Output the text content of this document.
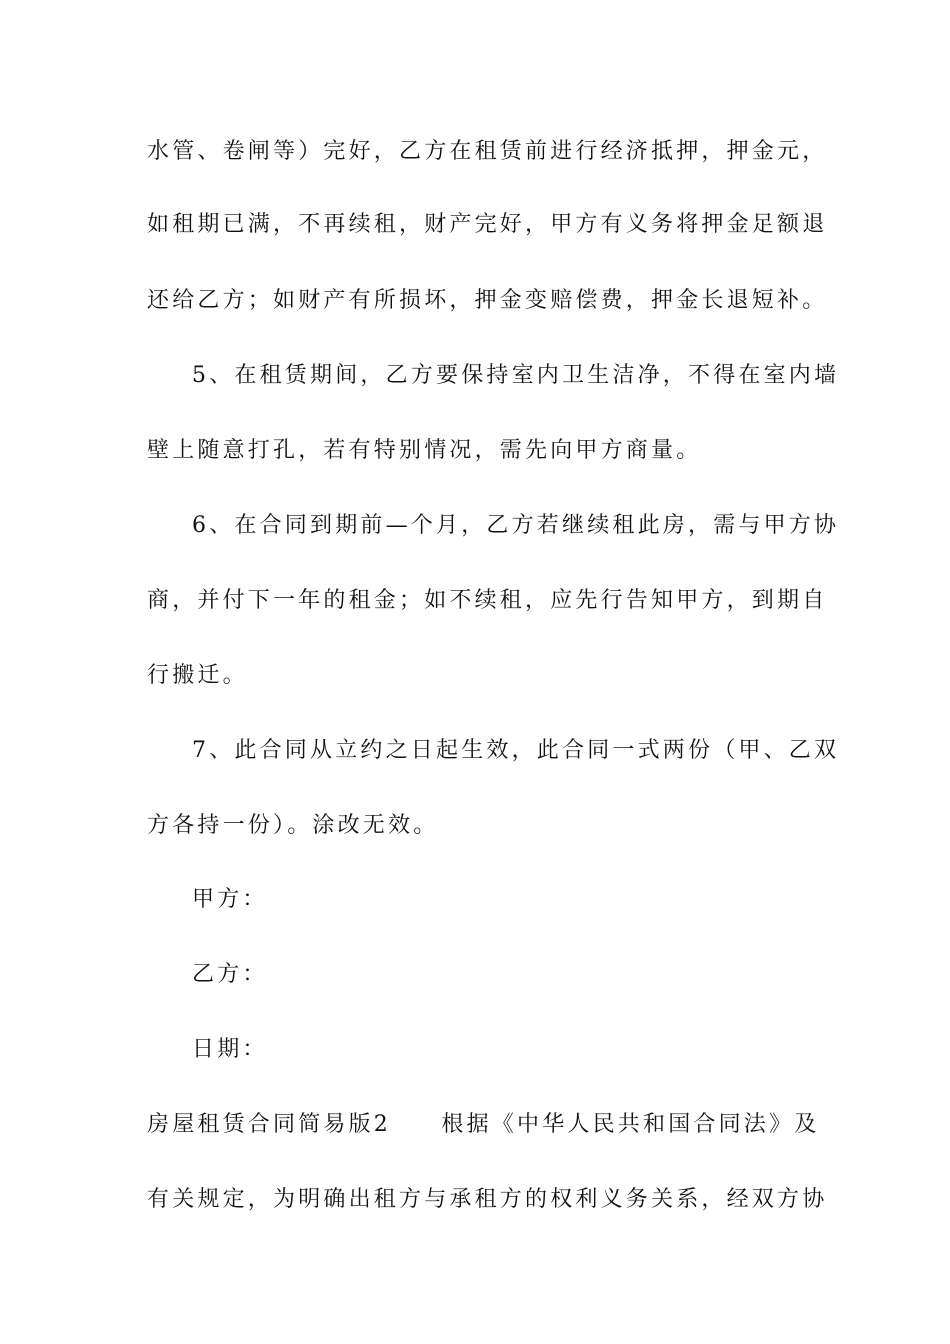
水管、卷闸等）完好，乙方在租赁前进行经济抵押，押金元，
如租期已满，不再续租，财产完好，甲方有义务将押金足额退
还给乙方；如财产有所损坏，押金变赔偿费，押金长退短补。
5、在租赁期间，乙方要保持室内卫生洁净，不得在室内墙
壁上随意打孔，若有特别情况，需先向甲方商量。
6、在合同到期前—个月，乙方若继续租此房，需与甲方协
商，并付下一年的租金；如不续租，应先行告知甲方，到期自
行搬迁。
7、此合同从立约之日起生效，此合同一式两份（甲、乙双
方各持一份）。涂改无效。
甲方：
乙方：
日期：
房屋租赁合同简易版2　　根据《中华人民共和国合同法》及
有关规定，为明确出租方与承租方的权利义务关系，经双方协
